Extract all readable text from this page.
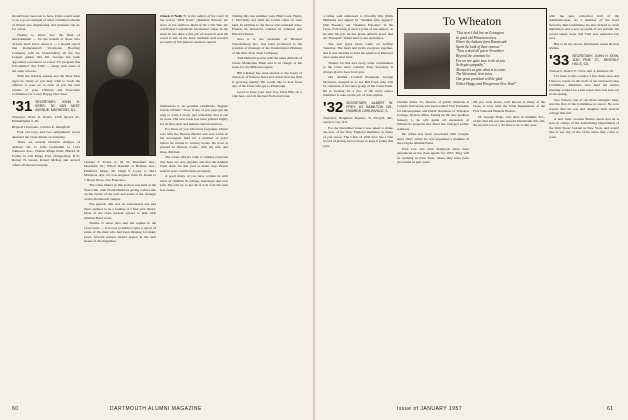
should have been out to have. Dick would seem to be a good example of what continued scheme of liberal arts engineering and business can do for a man.

Finally, to move into the field of entertainment — for the benefit of those who already don't know about it — I should report that Rollerskater's Vacationer Bowling Company will be broadcasting all the Ivy League games this fall. George has been appointed a producer of a new TV program this fall entitled "Ivy Club" ... along with some of the other schools.

With the holiday season and the New Year upon us, many of you may wish to reach the officers to pass on to each of you the best wishes of your Officers and Executive Committee for a very Happy New Year.

'31 SECRETARY, JOHN H. KERR, 30 VAN NEST AVENUE, MAYWOOD, ILL.

Treasurer, Peter K. Evans, 1358 Spruce St., Philadelphia 3, Pa.

Bequest Chairman, Charles E. Stansfield

Four old boys and two sympathetic wives attended the Class dinner on Saturday.

There are several bilateral changes of address: Dr. T. John Goldsmith to 1512 Sampson Ave., Walnut Ridge Park; Harold D. Forbes to 216 Ridge Post, Orangeburg, N.Y.; Robert N. Green, Robert McKay and several others all moved recently.

Charles F. Evans to 94 W. Deerfield Ave., Deerfield, Ill.; Elliott Randall at Holmes Ave., Pittsfield, Mass.; Dr. Hugh P. Lacey to 2611 Mariposa, Apt. 23, Los Angeles; John W. Dolan to 7 Dover Place, San Francisco.

The Class dinner in this section was held at the Yale Club, with Frank Mathews giving a short talk on the events of the year and some of the changes on the Dartmouth campus.

The general talk was an educational one and there seemed to be a feeling of a fine year ahead. Most of the class present agreed to help with Alumni Fund work.

Thanks to those who sent the replies to the Class letter — it is now possible to give a report of some of the men who had been missing for many years. Several reports should appear in the next issues of the magazine.

Chuck O'Neill '31 is the subject of the cover of the recent "Wild Train" (Random House), the story of the Andrews Raid of the Civil War, the celebrated Confederate locomotive chase. In the book he has done a fine job of research, and the result is one of the most readable and colorful accounts of this famous wartime exploit.

themselves to be possible candidates. Signed: Chuck O'Neill." Now, if any of you guys get the urge to write a book, just remember that it can be done. His new book has been praised highly for its fine style and human characterization.

For those of you who have forgotten, Chuck was with the Boston Herald and was active in the newspaper field for a number of years before he turned to writing books. He lives at present in Weston, Conn., with his wife and three children.

The Class officers wish to remind everyone that dues are now payable and that the Alumni Fund drive for this year is under way. Please send in your contributions promptly.

A good many of you have written in with news of children in college, marriages and new jobs. We will try to get all of it in over the next few issues.

visiting this last summer were Ham Lord, Henry J. McCarthy has built his fourth cabin on state land. In addition to the above who attended were: Francis W. Griswold, Charles W. Johnson and Harold Cheney.

Also it is the president of Bernard Scharfenberg Inc., has been promoted to the position of manager of the International Division of the New York Trust Company.

Tom Halbach is now with the sales division of Chase Manhattan Bank and is in charge of the loans for the Midwest region.

Bill Lindsey has been elected to the board of directors of Eastern Steel and writes that the firm is growing rapidly. He would like to hear from any of the Class who get to Pittsburgh.

Good to have your new boy, Dick Bill, on a visit here, and all the best from everyone.

60	DARTMOUTH ALUMNI MAGAZINE

a rather well addressed to Dorothy Dix (Dick Milbank) and signed by "Jasmine (the Jaguar)" (Jim Frazier), our "Jasmine Esposito" in the Class. Following at such a point of the subject, as he tells his job, he has given definite proof that all "Westport" ladies have a rare endurance.

The real good news came on Griffey Saturday. The main tent holds everyone together, and it was decided to hold the reunion at Hanover once again next June.

Thanks for this and every other contribution to the Class news column. Your Secretary is always glad to hear from you.

Our Alumni Council President, George Morrison, stopped in to see Bill Ford, who will be chairman of the next group of the Class Fund. He is looking for a few of the more senior members to take on the job of class agents.

'32 SECRETARY, ALBERT W. FREY, 63 HAMILTON DR., EWARDS CARLINVILLE, IL

Treasurer, Benjamin Kaplan, 31 Forsyth, Rd., Garden City, N.Y.

For the December issue I was asked to make the note of the New England members as many of you wrote. The Class of 1932 now has a fine record of giving and we hope to keep it going this year.

To Wheaton
"Out west I did live on Lexington
In good old Princeton town,
Where the Indians from Dartmouth
Spent the bulk of their renown."
"Now a deed all put in November
Beyond the common lot
For we are quite sure to do at you
So begin sympathy."
Always let us give what is to come,
The Westward, how soon,
Our great president will be glad
With a Happy and Prosperous New Year!"

Charles Albee '31, director of public relations at Colgate University, has been named Vice President for Development and Public Relations of Wheaton College, Norton, Mass. Taking up his new position January 1, he will guide all expansion of Wheaton's program and direct the college's public relations.

Dr. Albee has been associated with Colgate since 1947, where he was appointed a member of the Colgate Alumni Fund.

Fred Lee and John Rohrback have been announced as the class agents for 1957. They will be working in New York, where they have been successful in past years.

Oh yes, Jack Rowe, well known to many of the Class, is now with the Trust Department of the First National Bank in Boston.

Dr. George Hoke, who lives in Summit, N.J., writes that his son has entered Dartmouth this fall, the second son of a '32 man to do so this year.

with the new collection hall of the Administration. As a member of the head Severely Sub-Committee he also helped to draft legislation and a new program of tax reform. We would surely hope that Tom was reelected last year.

But to all the above, Dartmouth sends all best wishes.

'33 SECRETARY, JOHN H. DOW, 1150 PINE ST., BEVERLY HILLS, CA.

Treasurer, Robert F. Clare, Apt 4, Palatine, Ill.

I've been to this country a few times now and I have to report on the work of our enclosed Class Committee. Members who held the earlier meeting worked for a full report that was sent out in the spring.

Gus Wilson, one of our more energetic men, was the first of the Committee to report. He now reports that his son and daughter both entered college this fall.

A new item: Gordon Baxter states that he is now in charge of the Advertising Department of the Wall Street Journal in New York, and would like to see any of the Class when they come to town.

Issue of JANUARY 1957	61
